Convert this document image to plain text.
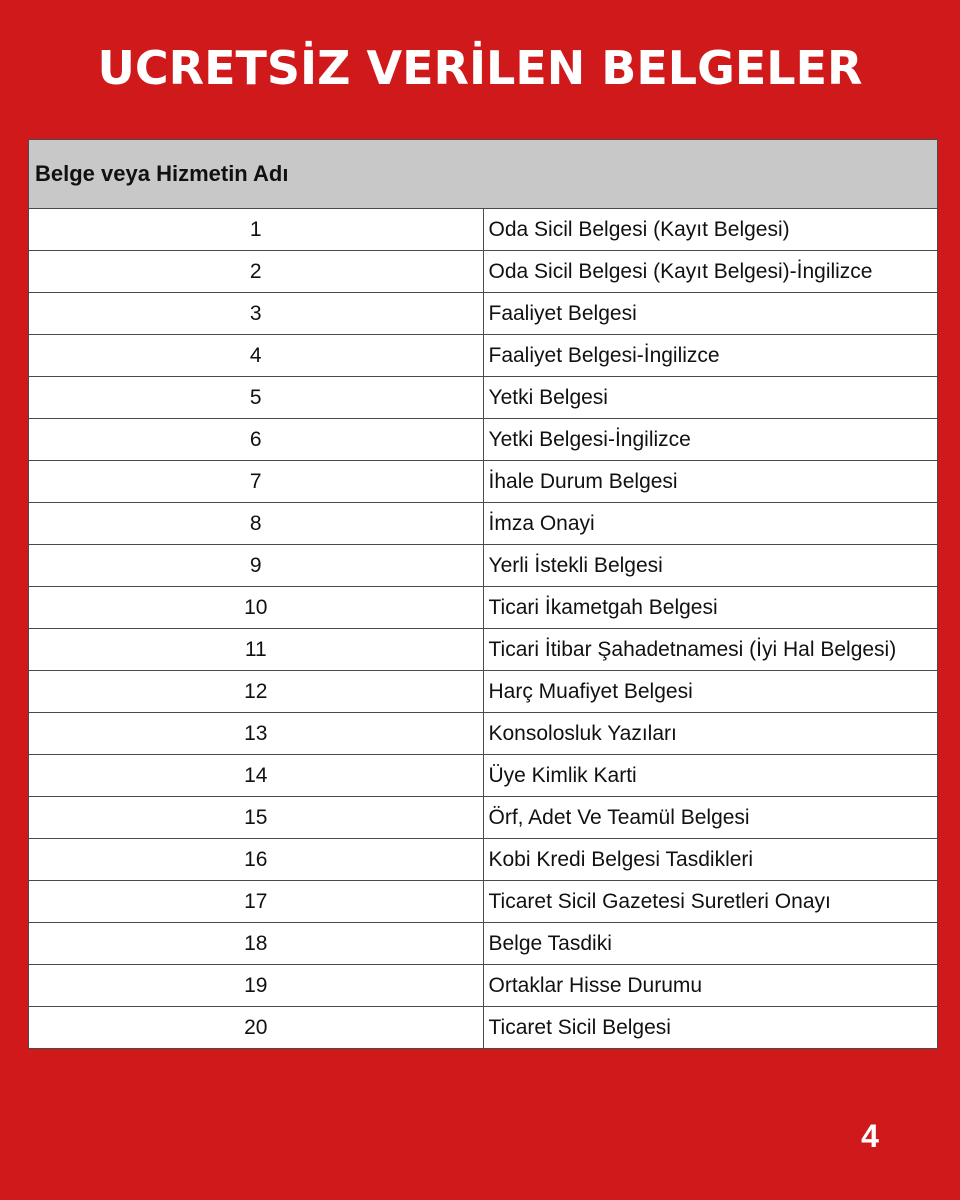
UCRETSİZ VERİLEN BELGELER
Belge veya Hizmetin Adı	
1	Oda Sicil Belgesi (Kayıt Belgesi)
2	Oda Sicil Belgesi (Kayıt Belgesi)-İngilizce
3	Faaliyet Belgesi
4	Faaliyet Belgesi-İngilizce
5	Yetki Belgesi
6	Yetki Belgesi-İngilizce
7	İhale Durum Belgesi
8	İmza Onayi
9	Yerli İstekli Belgesi
10	Ticari İkametgah Belgesi
11	Ticari İtibar Şahadetnamesi (İyi Hal Belgesi)
12	Harç Muafiyet Belgesi
13	Konsolosluk Yazıları
14	Üye Kimlik Karti
15	Örf, Adet Ve Teamül Belgesi
16	Kobi Kredi Belgesi Tasdikleri
17	Ticaret Sicil Gazetesi Suretleri Onayı
18	Belge Tasdiki
19	Ortaklar Hisse Durumu
20	Ticaret Sicil Belgesi
4
